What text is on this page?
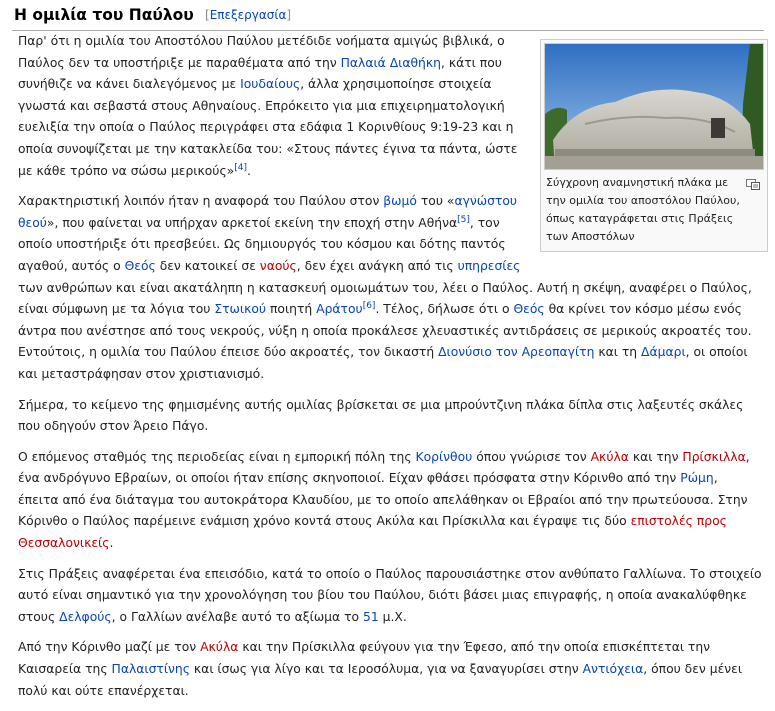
Η ομιλία του Παύλου [Επεξεργασία]
Σύγχρονη αναμνηστική πλάκα με την ομιλία του αποστόλου Παύλου, όπως καταγράφεται στις Πράξεις των Αποστόλων

Παρ' ότι η ομιλία του Αποστόλου Παύλου μετέδιδε νοήματα αμιγώς βιβλικά, ο Παύλος δεν τα υποστήριξε με παραθέματα από την Παλαιά Διαθήκη, κάτι που συνήθιζε να κάνει διαλεγόμενος με Ιουδαίους, άλλα χρησιμοποίησε στοιχεία γνωστά και σεβαστά στους Αθηναίους. Επρόκειτο για μια επιχειρηματολογική ευελιξία την οποία ο Παύλος περιγράφει στα εδάφια 1 Κορινθίους 9:19-23 και η οποία συνοψίζεται με την κατακλείδα του: «Στους πάντες έγινα τα πάντα, ώστε με κάθε τρόπο να σώσω μερικούς»[4].

Χαρακτηριστική λοιπόν ήταν η αναφορά του Παύλου στον βωμό του «αγνώστου θεού», που φαίνεται να υπήρχαν αρκετοί εκείνη την εποχή στην Αθήνα[5], τον οποίο υποστήριξε ότι πρεσβεύει. Ως δημιουργός του κόσμου και δότης παντός αγαθού, αυτός ο Θεός δεν κατοικεί σε ναούς, δεν έχει ανάγκη από τις υπηρεσίες των ανθρώπων και είναι ακατάληπη η κατασκευή ομοιωμάτων του, λέει ο Παύλος. Αυτή η σκέψη, αναφέρει ο Παύλος, είναι σύμφωνη με τα λόγια του Στωικού ποιητή Αράτου[6]. Τέλος, δήλωσε ότι ο Θεός θα κρίνει τον κόσμο μέσω ενός άντρα που ανέστησε από τους νεκρούς, νύξη η οποία προκάλεσε χλευαστικές αντιδράσεις σε μερικούς ακροατές του. Εντούτοις, η ομιλία του Παύλου έπεισε δύο ακροατές, τον δικαστή Διονύσιο τον Αρεοπαγίτη και τη Δάμαρι, οι οποίοι και μεταστράφησαν στον χριστιανισμό.

Σήμερα, το κείμενο της φημισμένης αυτής ομιλίας βρίσκεται σε μια μπρούντζινη πλάκα δίπλα στις λαξευτές σκάλες που οδηγούν στον Άρειο Πάγο.

Ο επόμενος σταθμός της περιοδείας είναι η εμπορική πόλη της Κορίνθου όπου γνώρισε τον Ακύλα και την Πρίσκιλλα, ένα ανδρόγυνο Εβραίων, οι οποίοι ήταν επίσης σκηνοποιοί. Είχαν φθάσει πρόσφατα στην Κόρινθο από την Ρώμη, έπειτα από ένα διάταγμα του αυτοκράτορα Κλαυδίου, με το οποίο απελάθηκαν οι Εβραίοι από την πρωτεύουσα. Στην Κόρινθο ο Παύλος παρέμεινε ενάμιση χρόνο κοντά στους Ακύλα και Πρίσκιλλα και έγραψε τις δύο επιστολές προς Θεσσαλονικείς.

Στις Πράξεις αναφέρεται ένα επεισόδιο, κατά το οποίο ο Παύλος παρουσιάστηκε στον ανθύπατο Γαλλίωνα. Το στοιχείο αυτό είναι σημαντικό για την χρονολόγηση του βίου του Παύλου, διότι βάσει μιας επιγραφής, η οποία ανακαλύφθηκε στους Δελφούς, ο Γαλλίων ανέλαβε αυτό το αξίωμα το 51 μ.Χ.

Από την Κόρινθο μαζί με τον Ακύλα και την Πρίσκιλλα φεύγουν για την Έφεσο, από την οποία επισκέπτεται την Καισαρεία της Παλαιστίνης και ίσως για λίγο και τα Ιεροσόλυμα, για να ξαναγυρίσει στην Αντιόχεια, όπου δεν μένει πολύ και ούτε επανέρχεται.
